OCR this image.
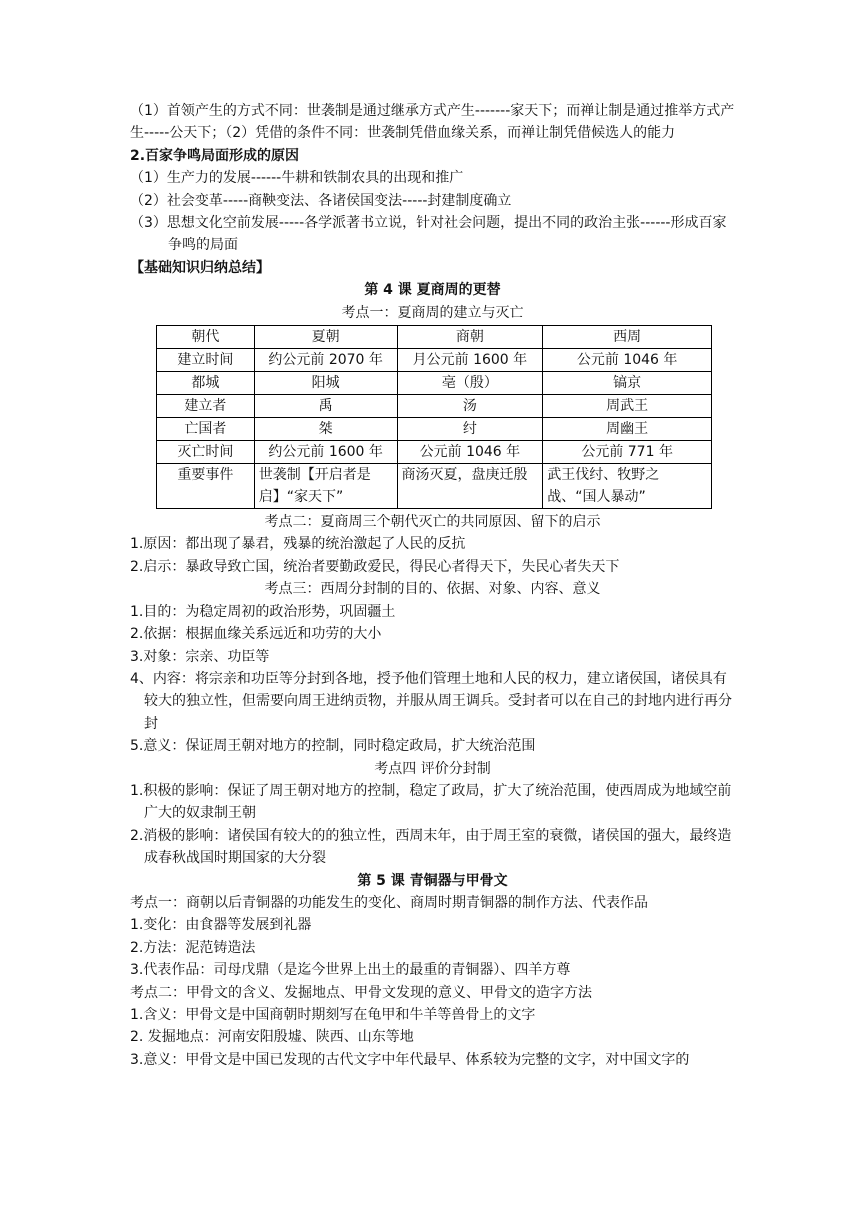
（1）首领产生的方式不同：世袭制是通过继承方式产生-------家天下；而禅让制是通过推举方式产生-----公天下；（2）凭借的条件不同：世袭制凭借血缘关系，而禅让制凭借候选人的能力

2.百家争鸣局面形成的原因

（1）生产力的发展------牛耕和铁制农具的出现和推广

（2）社会变革-----商鞅变法、各诸侯国变法-----封建制度确立

（3）思想文化空前发展-----各学派著书立说，针对社会问题，提出不同的政治主张------形成百家争鸣的局面

【基础知识归纳总结】

第 4 课 夏商周的更替

考点一：夏商周的建立与灭亡

朝代	夏朝	商朝	西周
建立时间	约公元前 2070 年	月公元前 1600 年	公元前 1046 年
都城	阳城	亳（殷）	镐京
建立者	禹	汤	周武王
亡国者	桀	纣	周幽王
灭亡时间	约公元前 1600 年	公元前 1046 年	公元前 771 年
重要事件	世袭制【开启者是启】“家天下”	商汤灭夏，盘庚迁殷	武王伐纣、牧野之战、“国人暴动”

考点二：夏商周三个朝代灭亡的共同原因、留下的启示

1.原因：都出现了暴君，残暴的统治激起了人民的反抗

2.启示：暴政导致亡国，统治者要勤政爱民，得民心者得天下，失民心者失天下

考点三：西周分封制的目的、依据、对象、内容、意义

1.目的：为稳定周初的政治形势，巩固疆土

2.依据：根据血缘关系远近和功劳的大小

3.对象：宗亲、功臣等

4、内容：将宗亲和功臣等分封到各地，授予他们管理土地和人民的权力，建立诸侯国，诸侯具有较大的独立性，但需要向周王进纳贡物，并服从周王调兵。受封者可以在自己的封地内进行再分封

5.意义：保证周王朝对地方的控制，同时稳定政局，扩大统治范围

考点四 评价分封制

1.积极的影响：保证了周王朝对地方的控制，稳定了政局，扩大了统治范围，使西周成为地域空前广大的奴隶制王朝

2.消极的影响：诸侯国有较大的的独立性，西周末年，由于周王室的衰微，诸侯国的强大，最终造成春秋战国时期国家的大分裂

第 5 课 青铜器与甲骨文

考点一：商朝以后青铜器的功能发生的变化、商周时期青铜器的制作方法、代表作品

1.变化：由食器等发展到礼器

2.方法：泥范铸造法

3.代表作品：司母戊鼎（是迄今世界上出土的最重的青铜器）、四羊方尊

考点二：甲骨文的含义、发掘地点、甲骨文发现的意义、甲骨文的造字方法

1.含义：甲骨文是中国商朝时期刻写在龟甲和牛羊等兽骨上的文字

2. 发掘地点：河南安阳殷墟、陕西、山东等地

3.意义：甲骨文是中国已发现的古代文字中年代最早、体系较为完整的文字，对中国文字的
